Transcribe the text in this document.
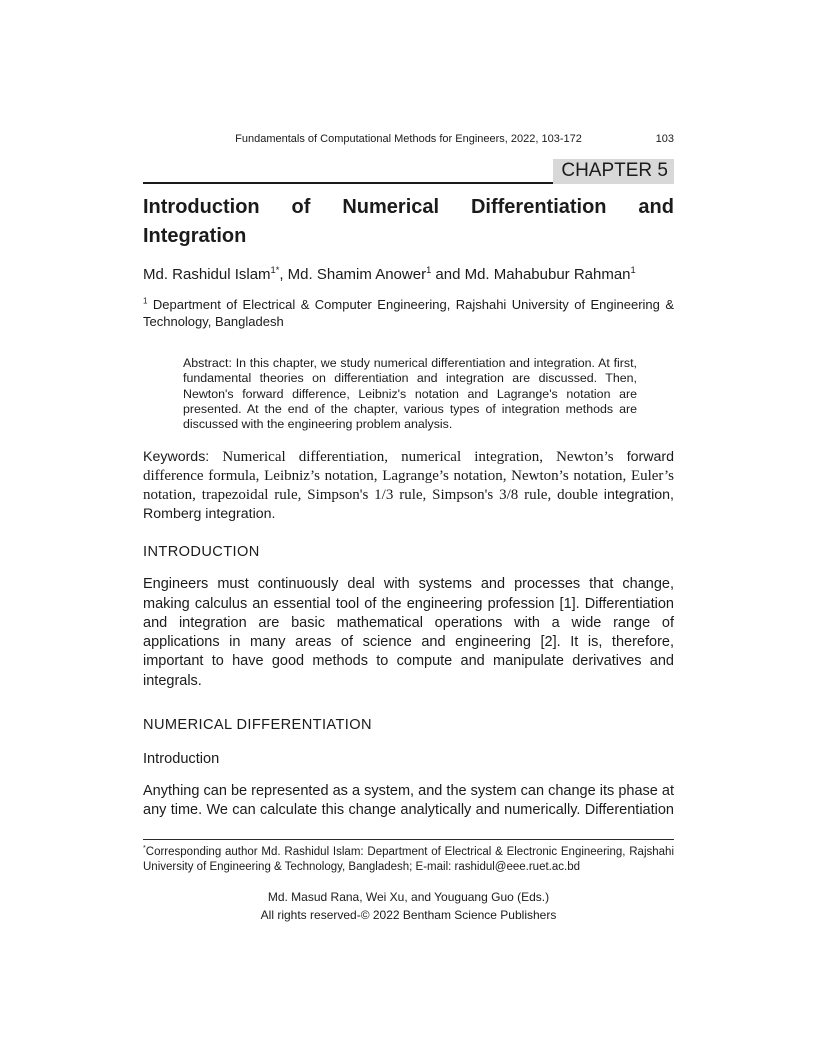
Fundamentals of Computational Methods for Engineers, 2022, 103-172	103
CHAPTER 5
Introduction of Numerical Differentiation and
Integration
Md. Rashidul Islam$^{1*}$, Md. Shamim Anower$^1$ and Md. Mahabubur Rahman$^1$
$^1$ Department of Electrical & Computer Engineering, Rajshahi University of Engineering & Technology, Bangladesh
Abstract: In this chapter, we study numerical differentiation and integration. At first, fundamental theories on differentiation and integration are discussed. Then, Newton's forward difference, Leibniz's notation and Lagrange's notation are presented. At the end of the chapter, various types of integration methods are discussed with the engineering problem analysis.
Keywords: Numerical differentiation, numerical integration, Newton’s forward difference formula, Leibniz’s notation, Lagrange’s notation, Newton’s notation, Euler’s notation, trapezoidal rule, Simpson's 1/3 rule, Simpson's 3/8 rule, double integration, Romberg integration.
INTRODUCTION

Engineers must continuously deal with systems and processes that change, making calculus an essential tool of the engineering profession [1]. Differentiation and integration are basic mathematical operations with a wide range of applications in many areas of science and engineering [2]. It is, therefore, important to have good methods to compute and manipulate derivatives and integrals.

NUMERICAL DIFFERENTIATION
Introduction

Anything can be represented as a system, and the system can change its phase at any time. We can calculate this change analytically and numerically. Differentiation

*Corresponding author Md. Rashidul Islam: Department of Electrical & Electronic Engineering, Rajshahi University of Engineering & Technology, Bangladesh; E-mail: rashidul@eee.ruet.ac.bd
Md. Masud Rana, Wei Xu, and Youguang Guo (Eds.)
All rights reserved-© 2022 Bentham Science Publishers
